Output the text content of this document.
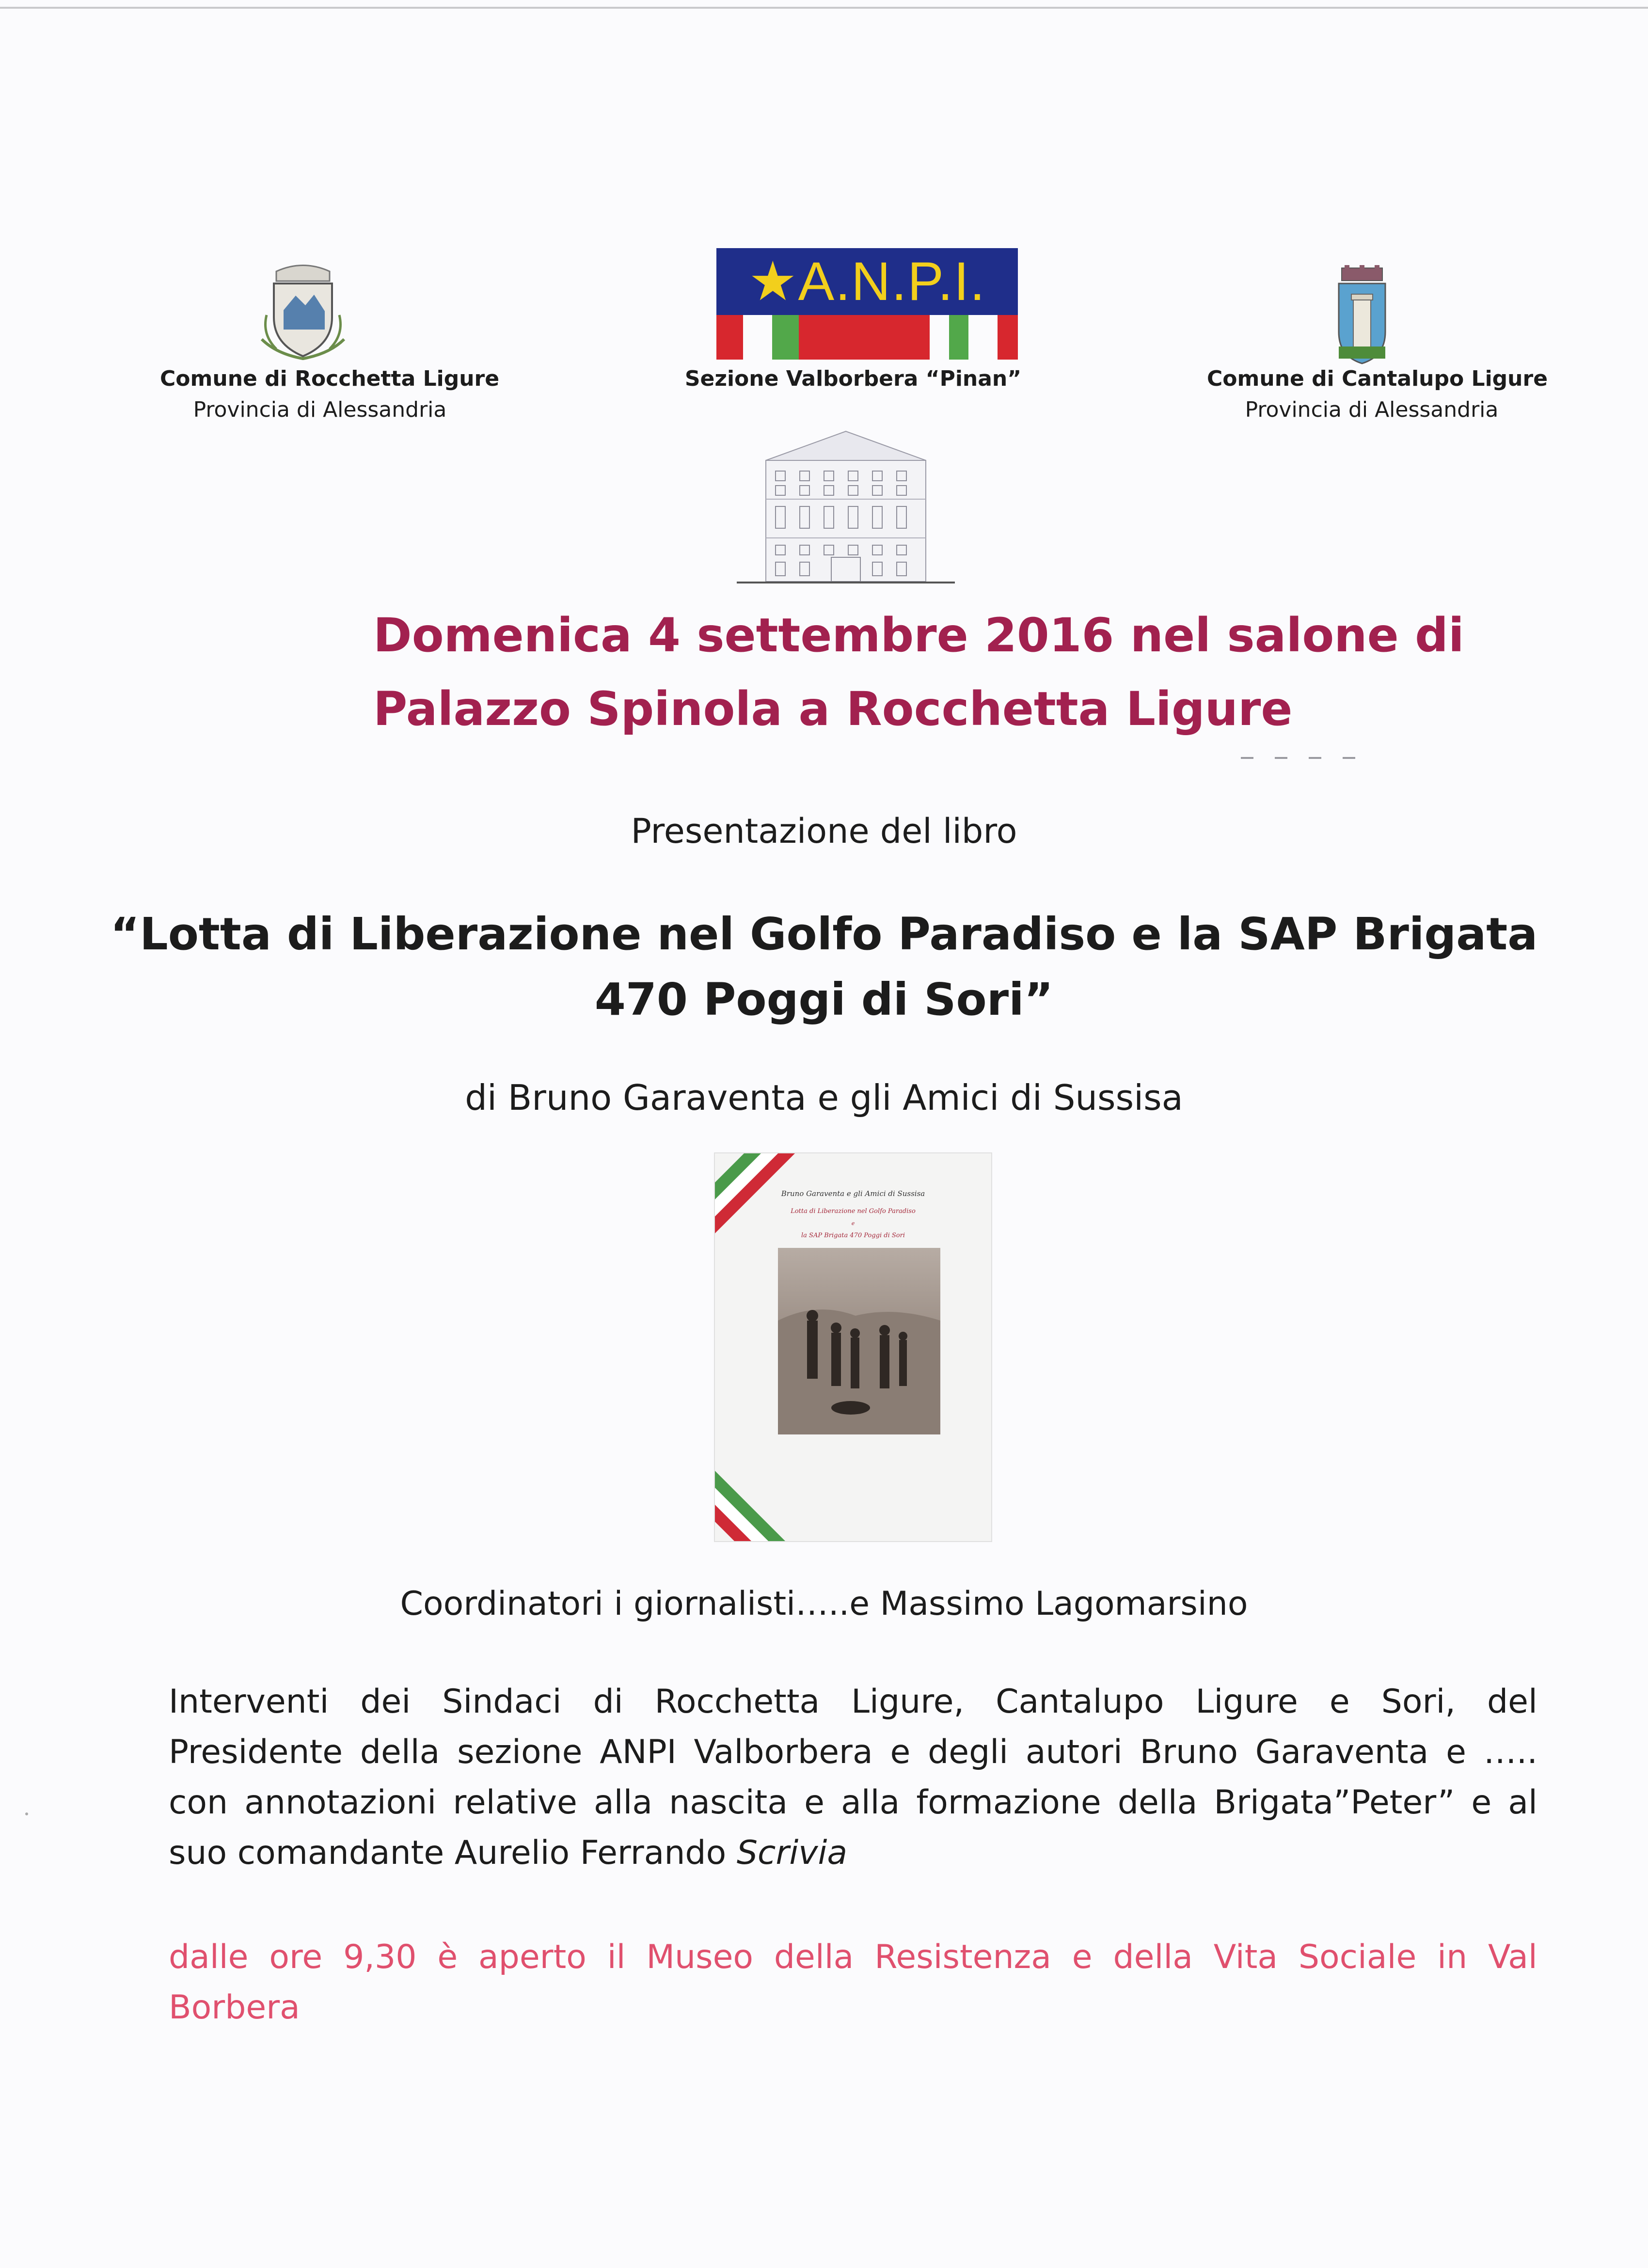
Comune di Rocchetta Ligure
Provincia di Alessandria
★A.N.P.I.
Sezione Valborbera “Pinan”	Comune di Cantalupo Ligure
Provincia di Alessandria
Domenica 4 settembre 2016 nel salone di
Palazzo Spinola a Rocchetta Ligure
Presentazione del libro
“Lotta di Liberazione nel Golfo Paradiso e la SAP Brigata
470 Poggi di Sori”
di Bruno Garaventa e gli Amici di Sussisa
Bruno Garaventa e gli Amici di Sussisa
Lotta di Liberazione nel Golfo Paradiso
e
la SAP Brigata 470 Poggi di Sori
Coordinatori i giornalisti…..e Massimo Lagomarsino
Interventi dei Sindaci di Rocchetta Ligure, Cantalupo Ligure e Sori, del
Presidente della sezione ANPI Valborbera e degli autori Bruno Garaventa e …..
con annotazioni relative alla nascita e alla formazione della Brigata”Peter” e al
suo comandante Aurelio Ferrando Scrivia
dalle ore 9,30 è aperto il Museo della Resistenza e della Vita Sociale in Val
Borbera
